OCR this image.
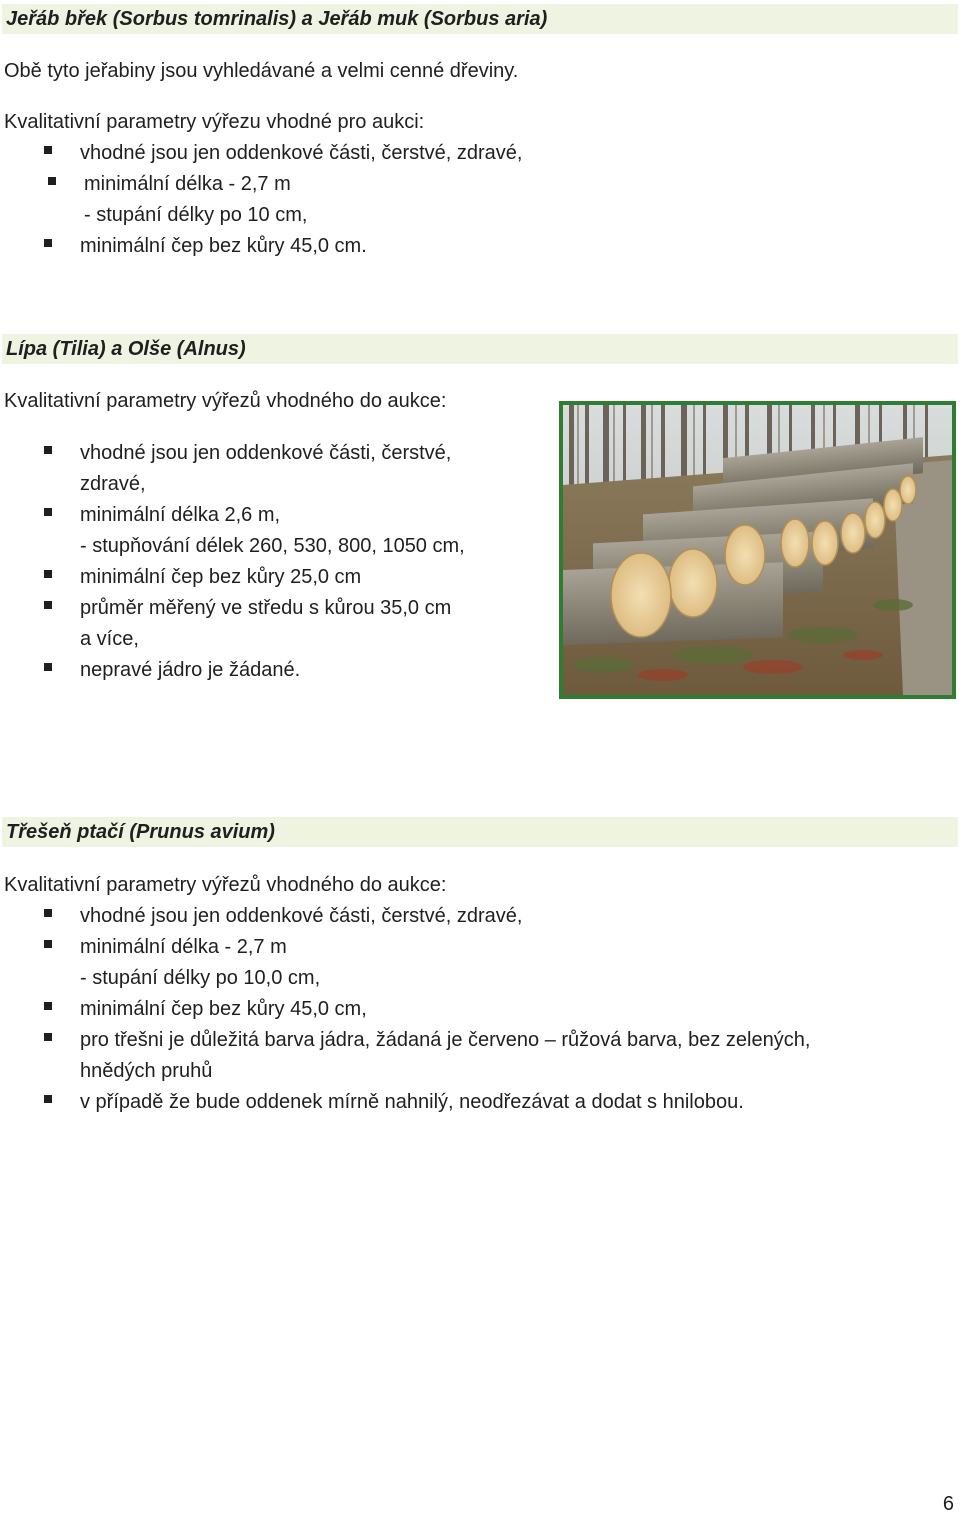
Jeřáb břek (Sorbus tomrinalis) a Jeřáb muk (Sorbus aria)
Obě tyto jeřabiny jsou vyhledávané a velmi cenné dřeviny.
Kvalitativní parametry výřezu vhodné pro aukci:
vhodné jsou jen oddenkové části, čerstvé, zdravé,
minimální délka - 2,7 m
- stupání délky po 10 cm,
minimální čep bez kůry 45,0 cm.
Lípa (Tilia) a Olše (Alnus)
Kvalitativní parametry výřezů vhodného do aukce:
vhodné jsou jen oddenkové části, čerstvé,
zdravé,
minimální délka 2,6 m,
- stupňování délek 260, 530, 800, 1050 cm,
minimální čep bez kůry 25,0 cm
průměr měřený ve středu s kůrou 35,0 cm
a více,
nepravé jádro je žádané.
Třešeň ptačí (Prunus avium)
Kvalitativní parametry výřezů vhodného do aukce:
vhodné jsou jen oddenkové části, čerstvé, zdravé,
minimální délka - 2,7 m
- stupání délky po 10,0 cm,
minimální čep bez kůry 45,0 cm,
pro třešni je důležitá barva jádra, žádaná je červeno – růžová barva, bez zelených,
hnědých pruhů
v případě že bude oddenek mírně nahnilý, neodřezávat a dodat s hnilobou.
6
